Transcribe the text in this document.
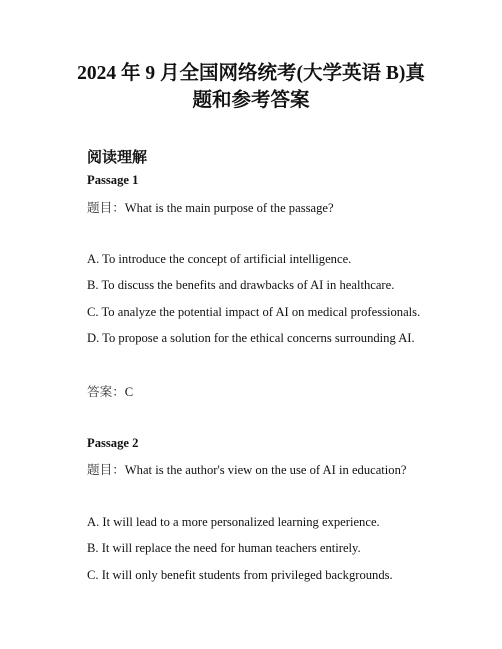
2024 年 9 月全国网络统考(大学英语 B)真
题和参考答案
阅读理解

Passage 1

题目：What is the main purpose of the passage?

A. To introduce the concept of artificial intelligence.

B. To discuss the benefits and drawbacks of AI in healthcare.

C. To analyze the potential impact of AI on medical professionals.

D. To propose a solution for the ethical concerns surrounding AI.

答案：C

Passage 2

题目：What is the author's view on the use of AI in education?

A. It will lead to a more personalized learning experience.

B. It will replace the need for human teachers entirely.

C. It will only benefit students from privileged backgrounds.
